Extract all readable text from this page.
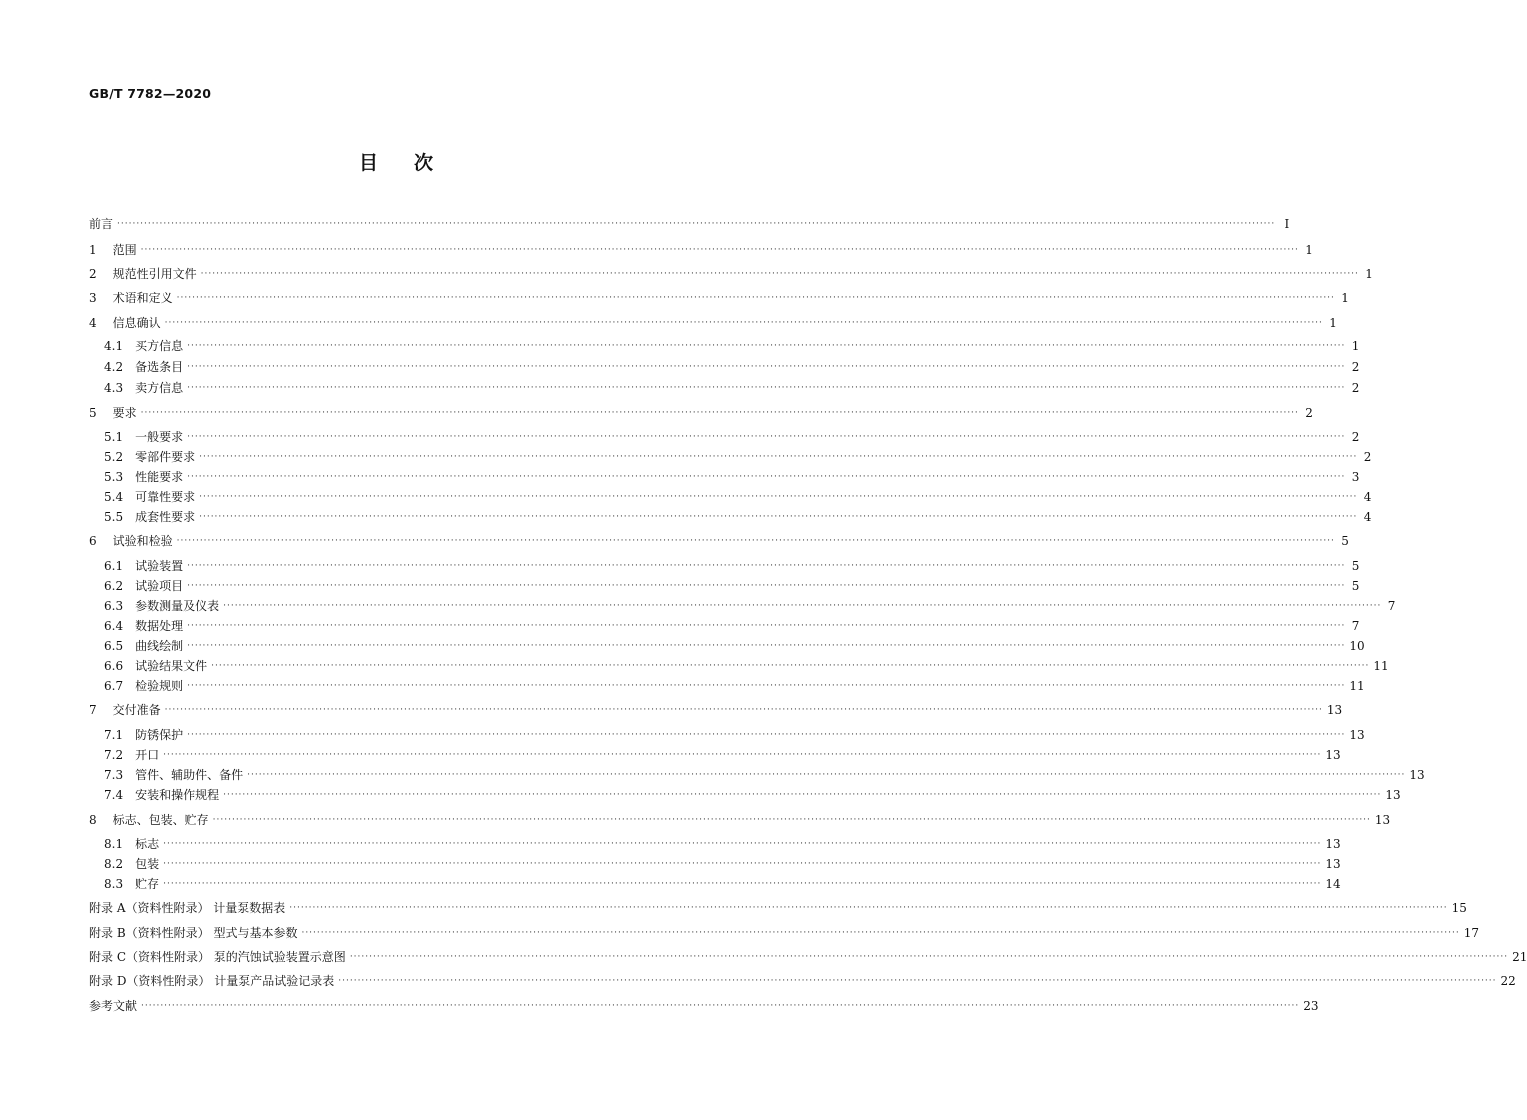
GB/T 7782—2020
目次
前言 ············································································································································································································································································································ Ⅰ
1 范围 ············································································································································································································································································································ 1
2 规范性引用文件 ············································································································································································································································································································ 1
3 术语和定义 ············································································································································································································································································································ 1
4 信息确认 ············································································································································································································································································································ 1
4.1 买方信息 ············································································································································································································································································································ 1
4.2 备选条目 ············································································································································································································································································································ 2
4.3 卖方信息 ············································································································································································································································································································ 2
5 要求 ············································································································································································································································································································ 2
5.1 一般要求 ············································································································································································································································································································ 2
5.2 零部件要求 ············································································································································································································································································································ 2
5.3 性能要求 ············································································································································································································································································································ 3
5.4 可靠性要求 ············································································································································································································································································································ 4
5.5 成套性要求 ············································································································································································································································································································ 4
6 试验和检验 ············································································································································································································································································································ 5
6.1 试验装置 ············································································································································································································································································································ 5
6.2 试验项目 ············································································································································································································································································································ 5
6.3 参数测量及仪表 ············································································································································································································································································································ 7
6.4 数据处理 ············································································································································································································································································································ 7
6.5 曲线绘制 ············································································································································································································································································································ 10
6.6 试验结果文件 ············································································································································································································································································································ 11
6.7 检验规则 ············································································································································································································································································································ 11
7 交付准备 ············································································································································································································································································································ 13
7.1 防锈保护 ············································································································································································································································································································ 13
7.2 开口 ············································································································································································································································································································ 13
7.3 管件、辅助件、备件 ············································································································································································································································································································ 13
7.4 安装和操作规程 ············································································································································································································································································································ 13
8 标志、包装、贮存 ············································································································································································································································································································ 13
8.1 标志 ············································································································································································································································································································ 13
8.2 包装 ············································································································································································································································································································ 13
8.3 贮存 ············································································································································································································································································································ 14
附录 A（资料性附录） 计量泵数据表 ············································································································································································································································································································ 15
附录 B（资料性附录） 型式与基本参数 ············································································································································································································································································································ 17
附录 C（资料性附录） 泵的汽蚀试验装置示意图 ············································································································································································································································································································ 21
附录 D（资料性附录） 计量泵产品试验记录表 ············································································································································································································································································································ 22
参考文献 ············································································································································································································································································································ 23
